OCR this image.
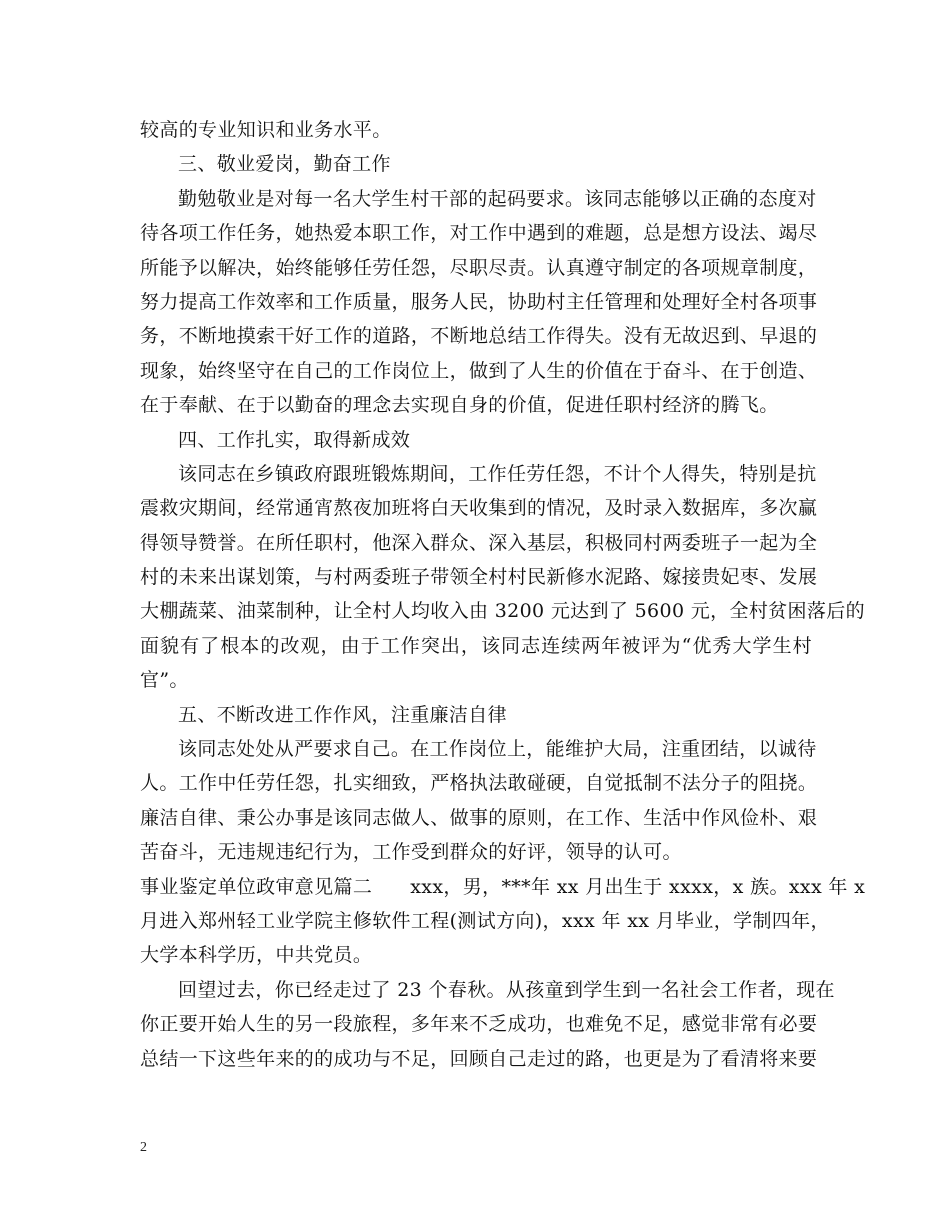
较高的专业知识和业务水平。
三、敬业爱岗，勤奋工作
勤勉敬业是对每一名大学生村干部的起码要求。该同志能够以正确的态度对
待各项工作任务，她热爱本职工作，对工作中遇到的难题，总是想方设法、竭尽
所能予以解决，始终能够任劳任怨，尽职尽责。认真遵守制定的各项规章制度，
努力提高工作效率和工作质量，服务人民，协助村主任管理和处理好全村各项事
务，不断地摸索干好工作的道路，不断地总结工作得失。没有无故迟到、早退的
现象，始终坚守在自己的工作岗位上，做到了人生的价值在于奋斗、在于创造、
在于奉献、在于以勤奋的理念去实现自身的价值，促进任职村经济的腾飞。
四、工作扎实，取得新成效
该同志在乡镇政府跟班锻炼期间，工作任劳任怨，不计个人得失，特别是抗
震救灾期间，经常通宵熬夜加班将白天收集到的情况，及时录入数据库，多次赢
得领导赞誉。在所任职村，他深入群众、深入基层，积极同村两委班子一起为全
村的未来出谋划策，与村两委班子带领全村村民新修水泥路、嫁接贵妃枣、发展
大棚蔬菜、油菜制种，让全村人均收入由 3200 元达到了 5600 元，全村贫困落后的
面貌有了根本的改观，由于工作突出，该同志连续两年被评为“优秀大学生村
官”。
五、不断改进工作作风，注重廉洁自律
该同志处处从严要求自己。在工作岗位上，能维护大局，注重团结，以诚待
人。工作中任劳任怨，扎实细致，严格执法敢碰硬，自觉抵制不法分子的阻挠。
廉洁自律、秉公办事是该同志做人、做事的原则，在工作、生活中作风俭朴、艰
苦奋斗，无违规违纪行为，工作受到群众的好评，领导的认可。
事业鉴定单位政审意见篇二 xxx，男，***年 xx 月出生于 xxxx，x 族。xxx 年 x
月进入郑州轻工业学院主修软件工程(测试方向)，xxx 年 xx 月毕业，学制四年，
大学本科学历，中共党员。
回望过去，你已经走过了 23 个春秋。从孩童到学生到一名社会工作者，现在
你正要开始人生的另一段旅程，多年来不乏成功，也难免不足，感觉非常有必要
总结一下这些年来的的成功与不足，回顾自己走过的路，也更是为了看清将来要
2
